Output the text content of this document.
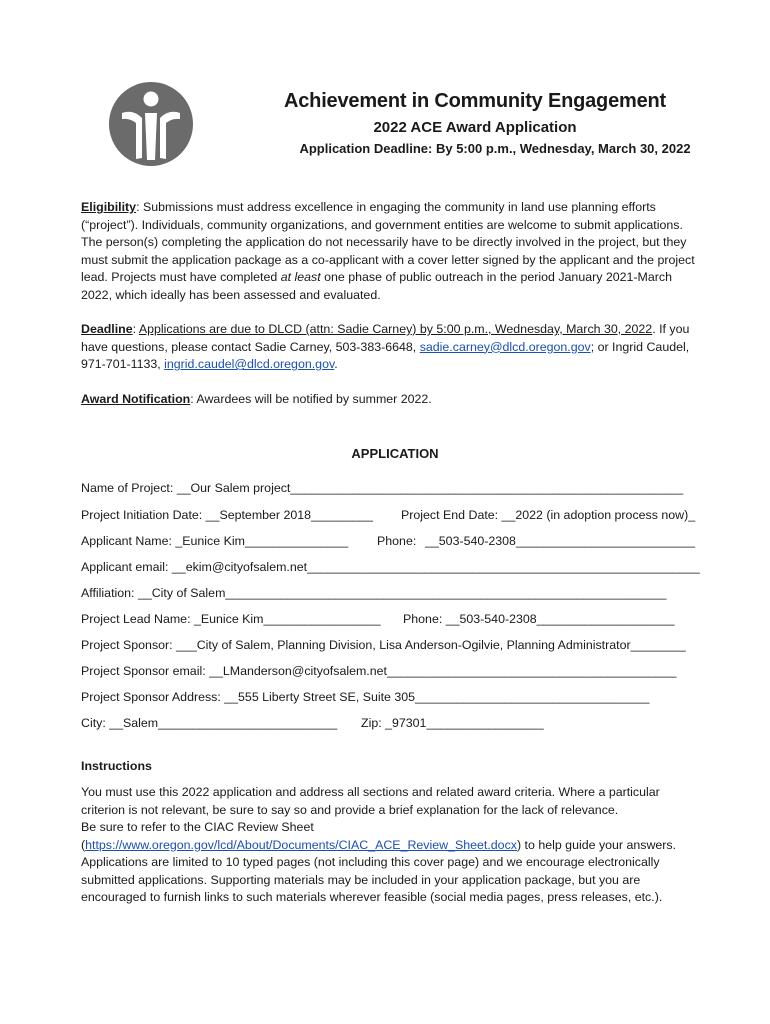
Achievement in Community Engagement
2022 ACE Award Application
Application Deadline: By 5:00 p.m., Wednesday, March 30, 2022
Eligibility: Submissions must address excellence in engaging the community in land use planning efforts (“project”). Individuals, community organizations, and government entities are welcome to submit applications. The person(s) completing the application do not necessarily have to be directly involved in the project, but they must submit the application package as a co-applicant with a cover letter signed by the applicant and the project lead. Projects must have completed at least one phase of public outreach in the period January 2021-March 2022, which ideally has been assessed and evaluated.
Deadline: Applications are due to DLCD (attn: Sadie Carney) by 5:00 p.m., Wednesday, March 30, 2022. If you have questions, please contact Sadie Carney, 503-383-6648, sadie.carney@dlcd.oregon.gov; or Ingrid Caudel, 971-701-1133, ingrid.caudel@dlcd.oregon.gov.
Award Notification: Awardees will be notified by summer 2022.
APPLICATION
Name of Project: __Our Salem project_________________________________________________________
Project Initiation Date: __September 2018_________ Project End Date: __2022 (in adoption process now)_
Applicant Name: _Eunice Kim_______________ Phone: __503-540-2308__________________________
Applicant email: __ekim@cityofsalem.net_________________________________________________________
Affiliation: __City of Salem________________________________________________________________
Project Lead Name: _Eunice Kim_________________ Phone: __503-540-2308____________________
Project Sponsor: ___City of Salem, Planning Division, Lisa Anderson-Ogilvie, Planning Administrator________
Project Sponsor email: __LManderson@cityofsalem.net__________________________________________
Project Sponsor Address: __555 Liberty Street SE, Suite 305__________________________________
City: __Salem__________________________ Zip: _97301_________________
Instructions
You must use this 2022 application and address all sections and related award criteria. Where a particular criterion is not relevant, be sure to say so and provide a brief explanation for the lack of relevance.
Be sure to refer to the CIAC Review Sheet
(https://www.oregon.gov/lcd/About/Documents/CIAC_ACE_Review_Sheet.docx) to help guide your answers. Applications are limited to 10 typed pages (not including this cover page) and we encourage electronically submitted applications. Supporting materials may be included in your application package, but you are encouraged to furnish links to such materials wherever feasible (social media pages, press releases, etc.).
